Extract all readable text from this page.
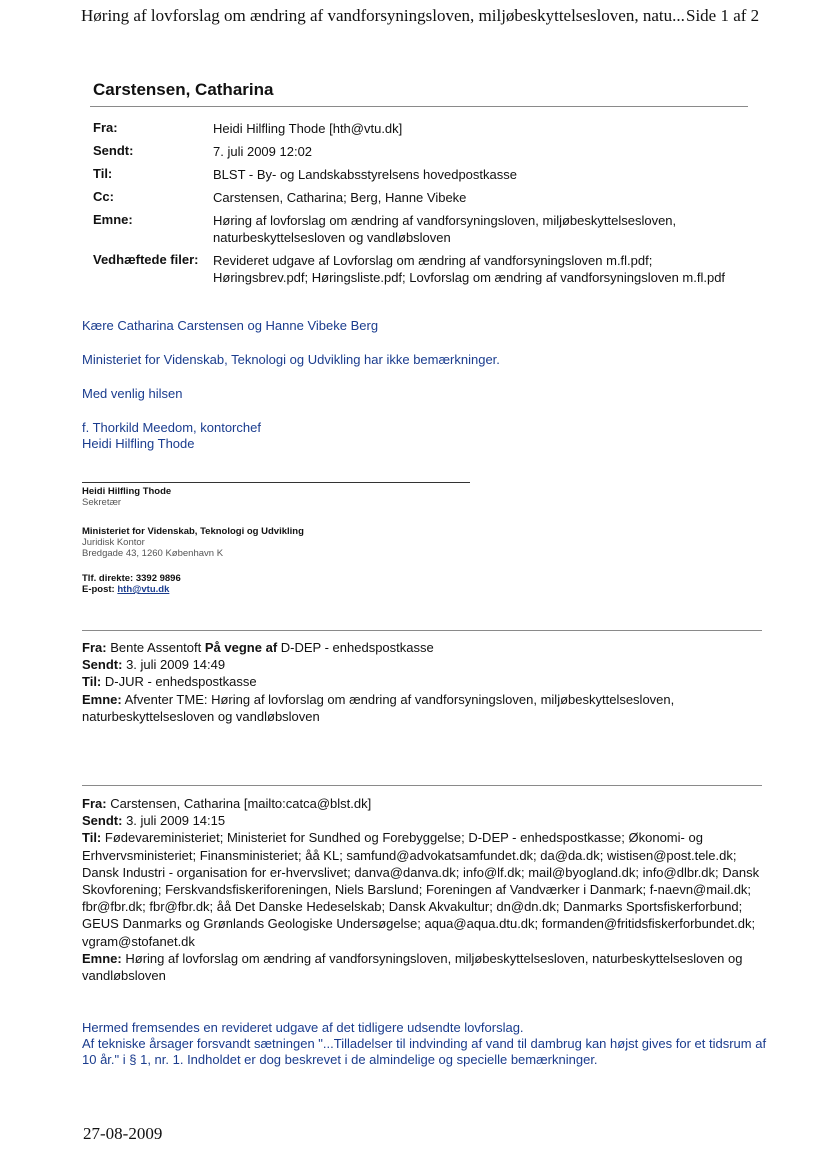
Høring af lovforslag om ændring af vandforsyningsloven, miljøbeskyttelsesloven, natu... Side 1 af 2
Carstensen, Catharina
Fra:	Heidi Hilfling Thode [hth@vtu.dk]
Sendt:	7. juli 2009 12:02
Til:	BLST - By- og Landskabsstyrelsens hovedpostkasse
Cc:	Carstensen, Catharina; Berg, Hanne Vibeke
Emne:	Høring af lovforslag om ændring af vandforsyningsloven, miljøbeskyttelsesloven, naturbeskyttelsesloven og vandløbsloven
Vedhæftede filer: Revideret udgave af Lovforslag om ændring af vandforsyningsloven m.fl.pdf; Høringsbrev.pdf; Høringsliste.pdf; Lovforslag om ændring af vandforsyningsloven m.fl.pdf
Kære Catharina Carstensen og Hanne Vibeke Berg
Ministeriet for Videnskab, Teknologi og Udvikling har ikke bemærkninger.
Med venlig hilsen
f. Thorkild Meedom, kontorchef
Heidi Hilfling Thode
Heidi Hilfling Thode
Sekretær
Ministeriet for Videnskab, Teknologi og Udvikling
Juridisk Kontor
Bredgade 43, 1260 København K
Tlf. direkte: 3392 9896
E-post: hth@vtu.dk
Fra: Bente Assentoft På vegne af D-DEP - enhedspostkasse
Sendt: 3. juli 2009 14:49
Til: D-JUR - enhedspostkasse
Emne: Afventer TME: Høring af lovforslag om ændring af vandforsyningsloven, miljøbeskyttelsesloven, naturbeskyttelsesloven og vandløbsloven
Fra: Carstensen, Catharina [mailto:catca@blst.dk]
Sendt: 3. juli 2009 14:15
Til: Fødevareministeriet; Ministeriet for Sundhed og Forebyggelse; D-DEP - enhedspostkasse; Økonomi- og Erhvervsministeriet; Finansministeriet; åå KL; samfund@advokatsamfundet.dk; da@da.dk; wistisen@post.tele.dk; Dansk Industri - organisation for er-hvervslivet; danva@danva.dk; info@lf.dk; mail@byogland.dk; info@dlbr.dk; Dansk Skovforening; Ferskvandsfiskeriforeningen, Niels Barslund; Foreningen af Vandværker i Danmark; f-naevn@mail.dk; fbr@fbr.dk; fbr@fbr.dk; åå Det Danske Hedeselskab; Dansk Akvakultur; dn@dn.dk; Danmarks Sportsfiskerforbund; GEUS Danmarks og Grønlands Geologiske Undersøgelse; aqua@aqua.dtu.dk; formanden@fritidsfiskerforbundet.dk; vgram@stofanet.dk
Emne: Høring af lovforslag om ændring af vandforsyningsloven, miljøbeskyttelsesloven, naturbeskyttelsesloven og vandløbsloven
Hermed fremsendes en revideret udgave af det tidligere udsendte lovforslag.
Af tekniske årsager forsvandt sætningen "...Tilladelser til indvinding af vand til dambrug kan højst gives for et tidsrum af 10 år." i § 1, nr. 1. Indholdet er dog beskrevet i de almindelige og specielle bemærkninger.
27-08-2009
